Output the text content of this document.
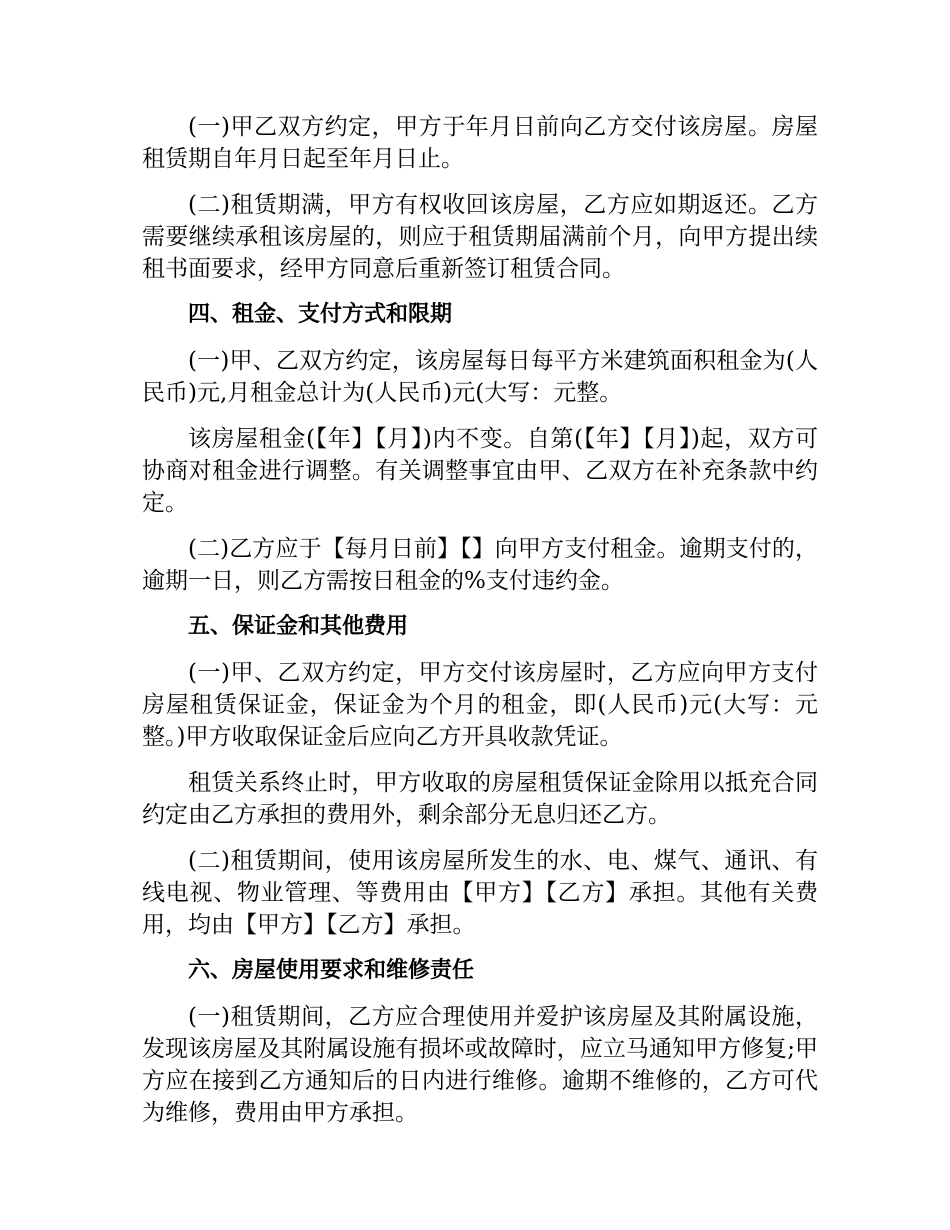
(一)甲乙双方约定，甲方于年月日前向乙方交付该房屋。房屋租赁期自年月日起至年月日止。

(二)租赁期满，甲方有权收回该房屋，乙方应如期返还。乙方需要继续承租该房屋的，则应于租赁期届满前个月，向甲方提出续租书面要求，经甲方同意后重新签订租赁合同。

四、租金、支付方式和限期

(一)甲、乙双方约定，该房屋每日每平方米建筑面积租金为(人民币)元,月租金总计为(人民币)元(大写：元整。

该房屋租金(【年】【月】)内不变。自第(【年】【月】)起，双方可协商对租金进行调整。有关调整事宜由甲、乙双方在补充条款中约定。

(二)乙方应于【每月日前】【】向甲方支付租金。逾期支付的，逾期一日，则乙方需按日租金的%支付违约金。

五、保证金和其他费用

(一)甲、乙双方约定，甲方交付该房屋时，乙方应向甲方支付房屋租赁保证金，保证金为个月的租金，即(人民币)元(大写：元整。)甲方收取保证金后应向乙方开具收款凭证。

租赁关系终止时，甲方收取的房屋租赁保证金除用以抵充合同约定由乙方承担的费用外，剩余部分无息归还乙方。

(二)租赁期间，使用该房屋所发生的水、电、煤气、通讯、有线电视、物业管理、等费用由【甲方】【乙方】承担。其他有关费用，均由【甲方】【乙方】承担。

六、房屋使用要求和维修责任

(一)租赁期间，乙方应合理使用并爱护该房屋及其附属设施，发现该房屋及其附属设施有损坏或故障时，应立马通知甲方修复;甲方应在接到乙方通知后的日内进行维修。逾期不维修的，乙方可代为维修，费用由甲方承担。
